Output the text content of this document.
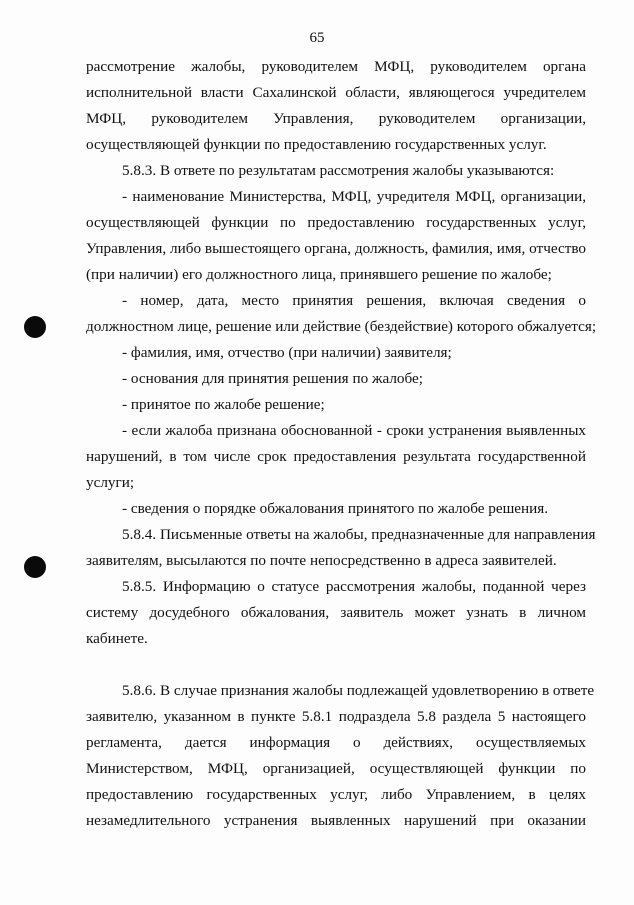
65
рассмотрение жалобы, руководителем МФЦ, руководителем органа
исполнительной власти Сахалинской области, являющегося учредителем
МФЦ, руководителем Управления, руководителем организации,
осуществляющей функции по предоставлению государственных услуг.
5.8.3. В ответе по результатам рассмотрения жалобы указываются:
- наименование Министерства, МФЦ, учредителя МФЦ, организации,
осуществляющей функции по предоставлению государственных услуг,
Управления, либо вышестоящего органа, должность, фамилия, имя, отчество
(при наличии) его должностного лица, принявшего решение по жалобе;
- номер, дата, место принятия решения, включая сведения о
должностном лице, решение или действие (бездействие) которого обжалуется;
- фамилия, имя, отчество (при наличии) заявителя;
- основания для принятия решения по жалобе;
- принятое по жалобе решение;
- если жалоба признана обоснованной - сроки устранения выявленных
нарушений, в том числе срок предоставления результата государственной
услуги;
- сведения о порядке обжалования принятого по жалобе решения.
5.8.4. Письменные ответы на жалобы, предназначенные для направления
заявителям, высылаются по почте непосредственно в адреса заявителей.
5.8.5. Информацию о статусе рассмотрения жалобы, поданной через
систему досудебного обжалования, заявитель может узнать в личном
кабинете.
5.8.6. В случае признания жалобы подлежащей удовлетворению в ответе
заявителю, указанном в пункте 5.8.1 подраздела 5.8 раздела 5 настоящего
регламента, дается информация о действиях, осуществляемых
Министерством, МФЦ, организацией, осуществляющей функции по
предоставлению государственных услуг, либо Управлением, в целях
незамедлительного устранения выявленных нарушений при оказании
